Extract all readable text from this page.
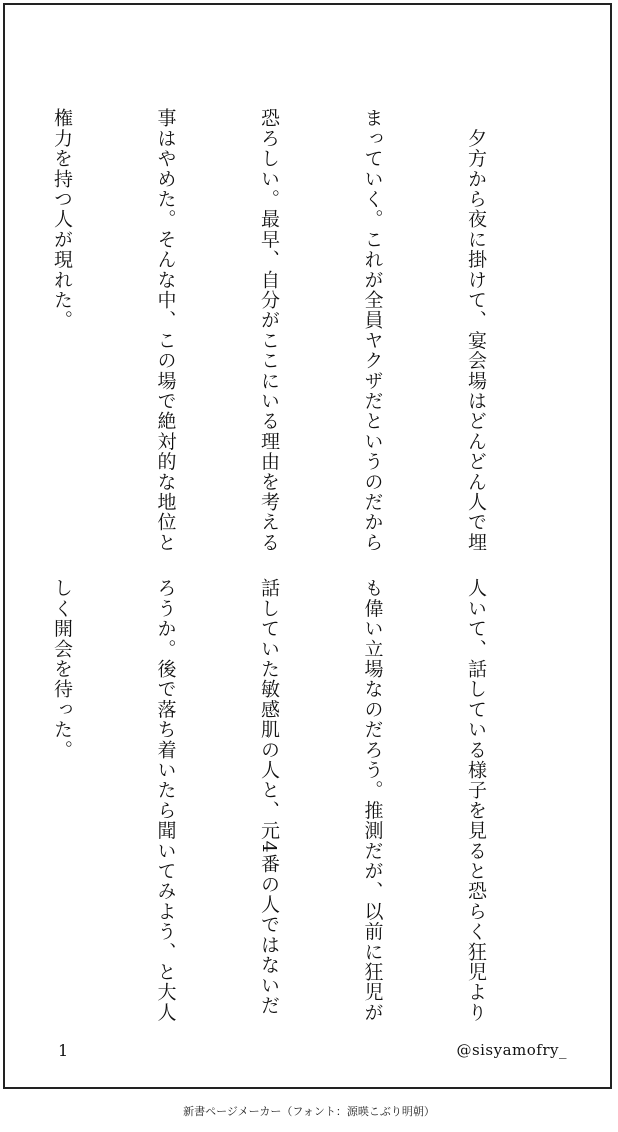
　夕方から夜に掛けて、宴会場はどんどん人で埋

まっていく。これが全員ヤクザだというのだから

恐ろしい。最早、自分がここにいる理由を考える

事はやめた。そんな中、この場で絶対的な地位と

権力を持つ人が現れた。

人いて、話している様子を見ると恐らく狂児より

も偉い立場なのだろう。推測だが、以前に狂児が

話していた敏感肌の人と、元4番の人ではないだ

ろうか。後で落ち着いたら聞いてみよう、と大人

しく開会を待った。

1	@sisyamofry_
新書ページメーカー（フォント：源暎こぶり明朝）
